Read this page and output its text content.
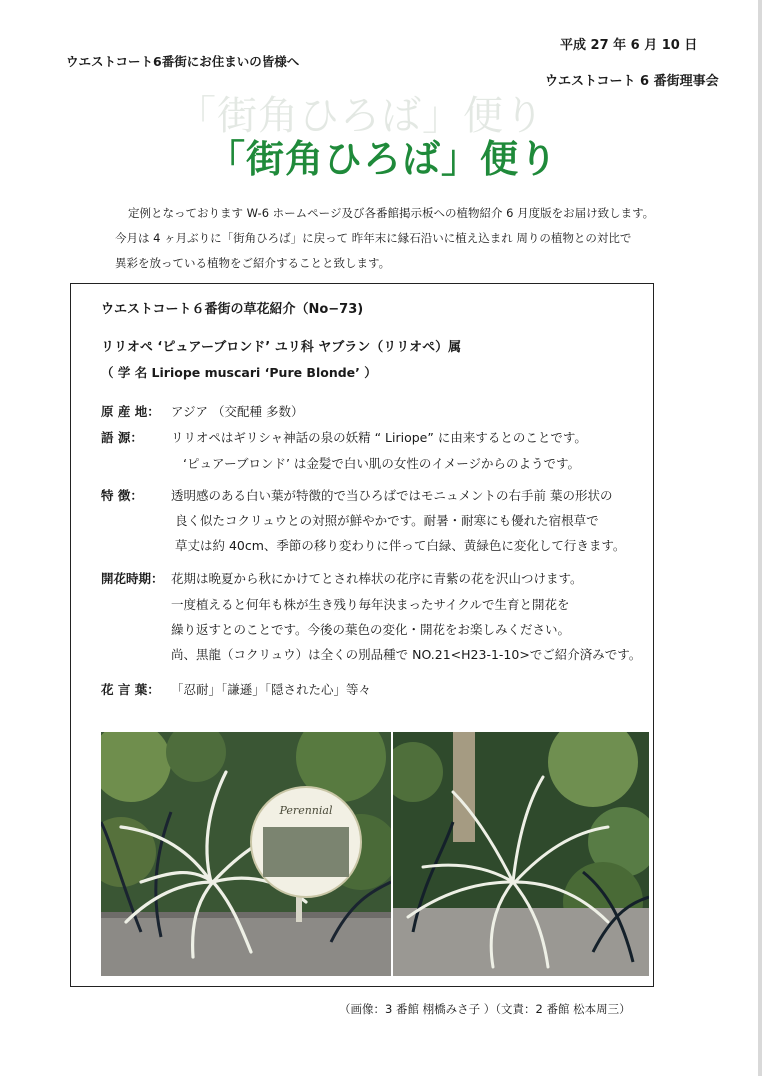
平成 27 年 6 月 10 日
ウエストコート6番街にお住まいの皆様へ
ウエストコート 6 番街理事会
「街角ひろば」便り
「街角ひろば」便り
定例となっております W-6 ホームページ及び各番館掲示板への植物紹介 6 月度版をお届け致します。
今月は 4 ヶ月ぶりに「街角ひろば」に戻って 昨年末に縁石沿いに植え込まれ 周りの植物との対比で
異彩を放っている植物をご紹介することと致します。
ウエストコート６番街の草花紹介（No−73)
リリオペ ‘ピュアーブロンド’ ユリ科 ヤブラン（リリオペ）属
（ 学 名 Liriope muscari ‘Pure Blonde’ ）
原 産 地： アジア （交配種 多数）
語 源：	リリオペはギリシャ神話の泉の妖精 “ Liriope” に由来するとのことです。
‘ピュアーブロンド’ は金髪で白い肌の女性のイメージからのようです。
特 徴：	透明感のある白い葉が特徴的で当ひろばではモニュメントの右手前 葉の形状の
良く似たコクリュウとの対照が鮮やかです。耐暑・耐寒にも優れた宿根草で
草丈は約 40cm、季節の移り変わりに伴って白緑、黄緑色に変化して行きます。
開花時期： 花期は晩夏から秋にかけてとされ棒状の花序に青紫の花を沢山つけます。
一度植えると何年も株が生き残り毎年決まったサイクルで生育と開花を
繰り返すとのことです。今後の葉色の変化・開花をお楽しみください。
尚、黒龍（コクリュウ）は全くの別品種で NO.21<H23-1-10>でご紹介済みです。
花 言 葉： 「忍耐」「謙遜」「隠された心」等々
Perennial
（画像：3 番館 栩橋みさ子 ）（文責：2 番館 松本周三）
